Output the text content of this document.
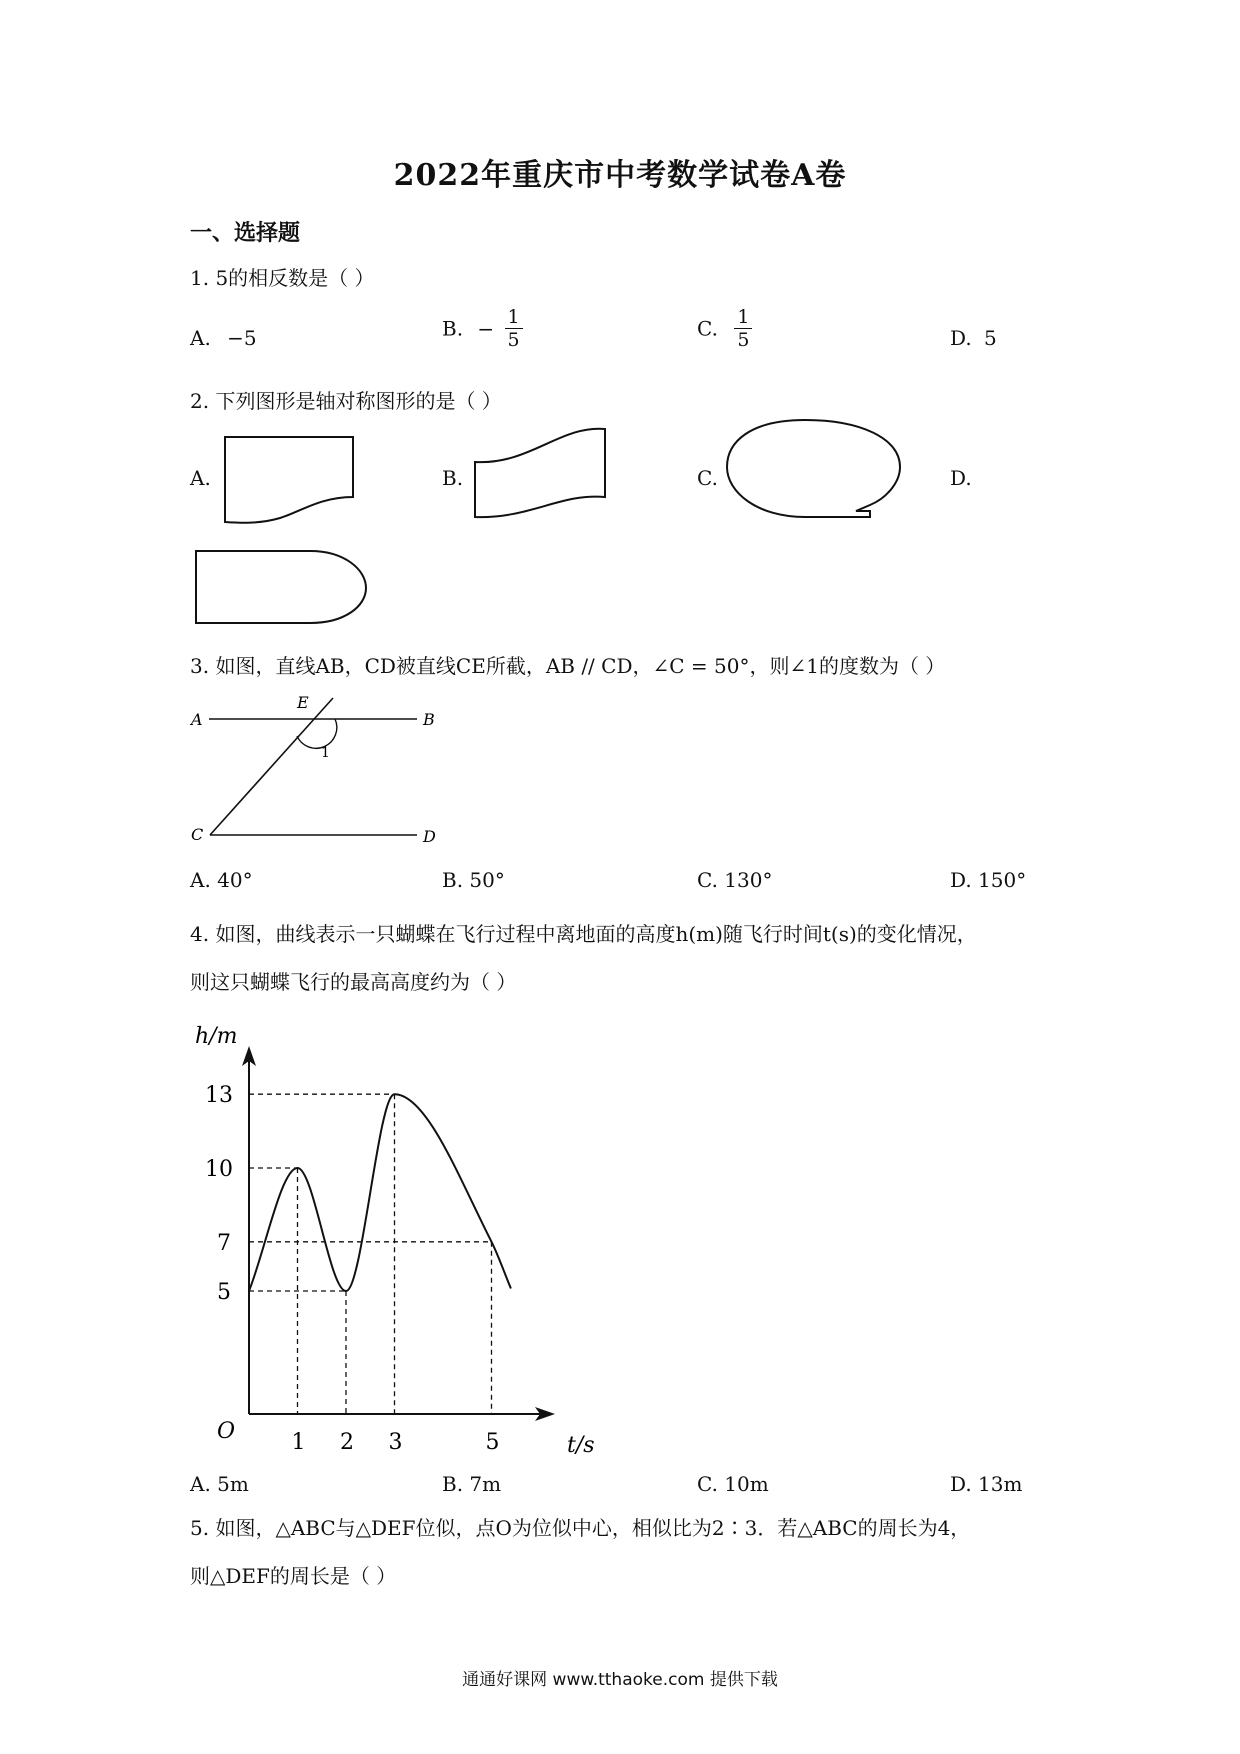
2022年重庆市中考数学试卷A卷
一、选择题
1. 5的相反数是（ ）
A. −5	B. − $\frac{1}{5}$	C. $\frac{1}{5}$	D. 5
2. 下列图形是轴对称图形的是（ ）
A.	B.	C.	D.
3. 如图，直线AB，CD被直线CE所截，AB // CD，∠C = 50°，则∠1的度数为（ ）
A	B
C	D
E
1
A. 40°	B. 50°	C. 130°	D. 150°
4. 如图，曲线表示一只蝴蝶在飞行过程中离地面的高度h(m)随飞行时间t(s)的变化情况，
则这只蝴蝶飞行的最高高度约为（ ）
h/m
t/s
O	1 2 3	5
5
7
10
13
A. 5m	B. 7m	C. 10m	D. 13m
5. 如图，△ABC与△DEF位似，点O为位似中心，相似比为2∶3．若△ABC的周长为4，
则△DEF的周长是（ ）
通通好课网 www.tthaoke.com 提供下载
